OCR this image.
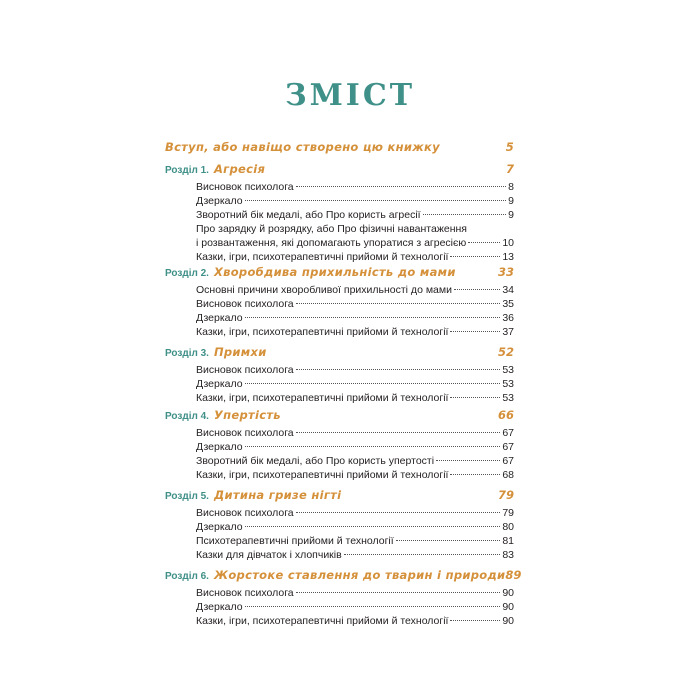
ЗМІСТ
Вступ, або навіщо створено цю книжку	5
Розділ 1. Агресія	7
Висновок психолога	8
Дзеркало	9
Зворотний бік медалі, або Про користь агресії	9
Про зарядку й розрядку, або Про фізичні навантаження
і розвантаження, які допомагають упоратися з агресією	10
Казки, ігри, психотерапевтичні прийоми й технології	13
Розділ 2. Хворобдива прихильність до мами	33
Основні причини хворобливої прихильності до мами	34
Висновок психолога	35
Дзеркало	36
Казки, ігри, психотерапевтичні прийоми й технології	37
Розділ 3. Примхи	52
Висновок психолога	53
Дзеркало	53
Казки, ігри, психотерапевтичні прийоми й технології	53
Розділ 4. Упертість	66
Висновок психолога	67
Дзеркало	67
Зворотний бік медалі, або Про користь упертості	67
Казки, ігри, психотерапевтичні прийоми й технології	68
Розділ 5. Дитина гризе нігті	79
Висновок психолога	79
Дзеркало	80
Психотерапевтичні прийоми й технології	81
Казки для дівчаток і хлопчиків	83
Розділ 6. Жорстоке ставлення до тварин і природи 89
Висновок психолога	90
Дзеркало	90
Казки, ігри, психотерапевтичні прийоми й технології	90
